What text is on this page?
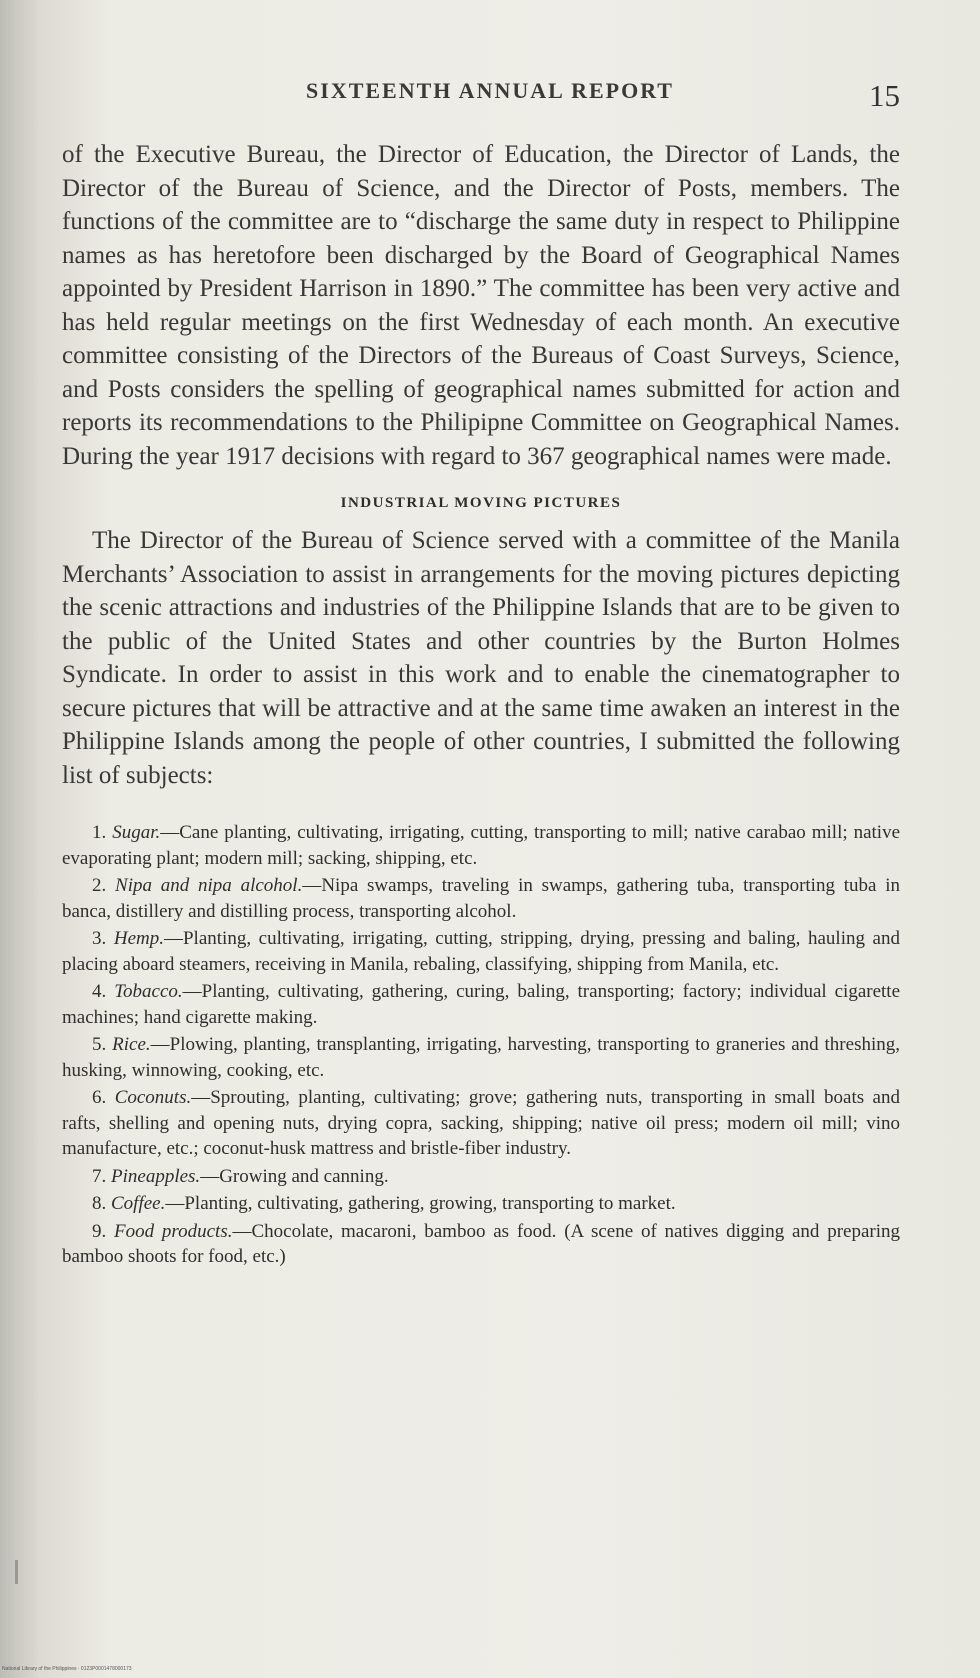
SIXTEENTH ANNUAL REPORT	15

of the Executive Bureau, the Director of Education, the Director of Lands, the Director of the Bureau of Science, and the Director of Posts, members. The functions of the committee are to “discharge the same duty in respect to Philippine names as has heretofore been discharged by the Board of Geographical Names appointed by President Harrison in 1890.” The committee has been very active and has held regular meetings on the first Wednesday of each month. An executive committee consisting of the Directors of the Bureaus of Coast Surveys, Science, and Posts considers the spelling of geographical names submitted for action and reports its recommendations to the Philipipne Committee on Geographical Names. During the year 1917 decisions with regard to 367 geographical names were made.

INDUSTRIAL MOVING PICTURES

The Director of the Bureau of Science served with a committee of the Manila Merchants’ Association to assist in arrangements for the moving pictures depicting the scenic attractions and industries of the Philippine Islands that are to be given to the public of the United States and other countries by the Burton Holmes Syndicate. In order to assist in this work and to enable the cinematographer to secure pictures that will be attractive and at the same time awaken an interest in the Philippine Islands among the people of other countries, I submitted the following list of subjects:

1. Sugar.—Cane planting, cultivating, irrigating, cutting, transporting to mill; native carabao mill; native evaporating plant; modern mill; sacking, shipping, etc.

2. Nipa and nipa alcohol.—Nipa swamps, traveling in swamps, gathering tuba, transporting tuba in banca, distillery and distilling process, transporting alcohol.

3. Hemp.—Planting, cultivating, irrigating, cutting, stripping, drying, pressing and baling, hauling and placing aboard steamers, receiving in Manila, rebaling, classifying, shipping from Manila, etc.

4. Tobacco.—Planting, cultivating, gathering, curing, baling, transporting; factory; individual cigarette machines; hand cigarette making.

5. Rice.—Plowing, planting, transplanting, irrigating, harvesting, transporting to graneries and threshing, husking, winnowing, cooking, etc.

6. Coconuts.—Sprouting, planting, cultivating; grove; gathering nuts, transporting in small boats and rafts, shelling and opening nuts, drying copra, sacking, shipping; native oil press; modern oil mill; vino manufacture, etc.; coconut-husk mattress and bristle-fiber industry.

7. Pineapples.—Growing and canning.

8. Coffee.—Planting, cultivating, gathering, growing, transporting to market.

9. Food products.—Chocolate, macaroni, bamboo as food. (A scene of natives digging and preparing bamboo shoots for food, etc.)

National Library of the Philippines · 0123P0001478000173
